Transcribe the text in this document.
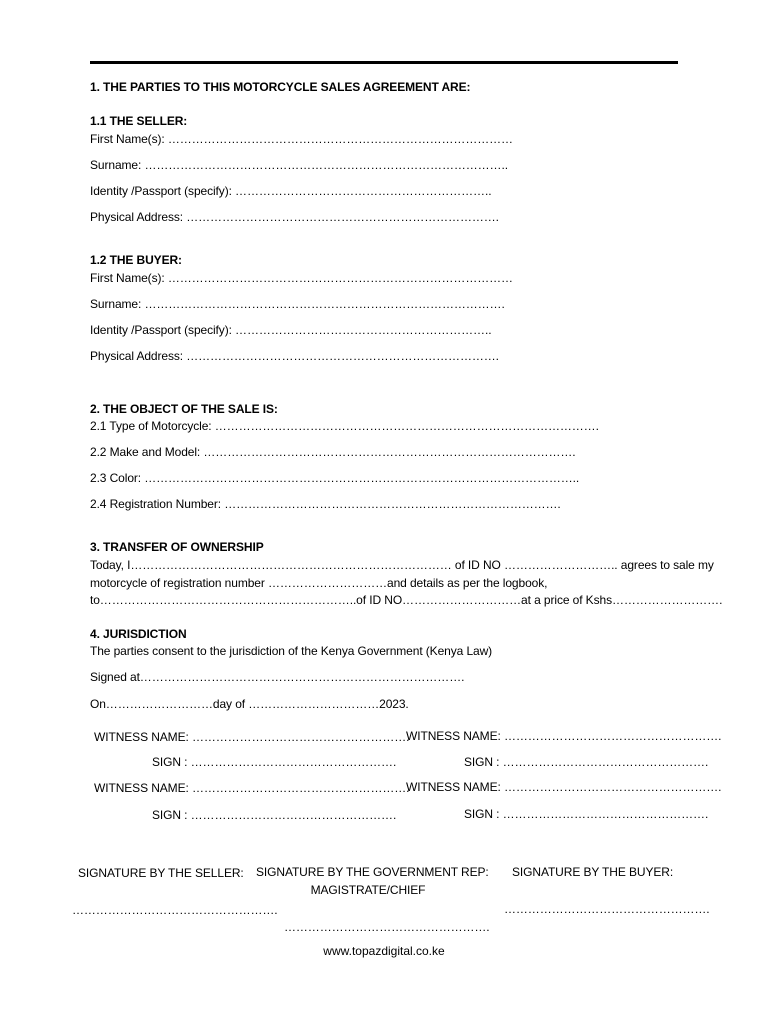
1. THE PARTIES TO THIS MOTORCYCLE SALES AGREEMENT ARE:
1.1 THE SELLER:
First Name(s): ……………………………………………………………………………
Surname: ………………………………………………………………………………..
Identity /Passport (specify): ………………………………………………………..
Physical Address: …………………………………………………………………….
1.2 THE BUYER:
First Name(s): ……………………………………………………………………………
Surname: ……………………………………………………………………………….
Identity /Passport (specify): ………………………………………………………..
Physical Address: …………………………………………………………………….
2. THE OBJECT OF THE SALE IS:
2.1 Type of Motorcycle: …………………………………………………………………………………….
2.2 Make and Model: ………………………………………………………………………………….
2.3 Color: ………………………………………………………………………………………………..
2.4 Registration Number: ………………………………………………………………………….
3. TRANSFER OF OWNERSHIP
Today, I……………………………………………………………………… of ID NO ……………………….. agrees to sale my
motorcycle of registration number …………………………and details as per the logbook,
to………………………………………………………..of ID NO…………………………at a price of Kshs……………………….
4. JURISDICTION
The parties consent to the jurisdiction of the Kenya Government (Kenya Law)
Signed at……………………………………………………………………….
On………………………day of ……………………………2023.
WITNESS NAME: ……………………………………………….
SIGN : …………………………………………….
WITNESS NAME: ……………………………………………….
SIGN : …………………………………………….
WITNESS NAME: ……………………………………………….
SIGN : …………………………………………….
WITNESS NAME: ……………………………………………….
SIGN : …………………………………………….
SIGNATURE BY THE SELLER: SIGNATURE BY THE GOVERNMENT REP:
MAGISTRATE/CHIEF
SIGNATURE BY THE BUYER:
…………………………………………….
…………………………………………….
…………………………………………….
www.topazdigital.co.ke
